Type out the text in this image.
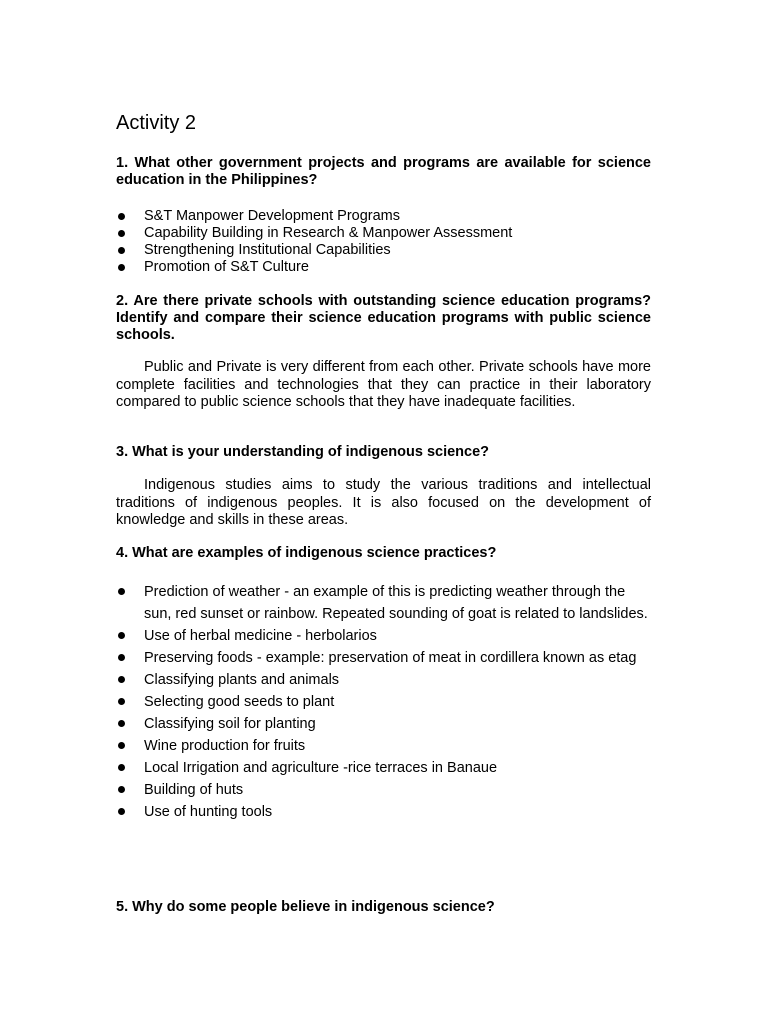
Activity 2

1. What other government projects and programs are available for science education in the Philippines?

S&T Manpower Development Programs
Capability Building in Research & Manpower Assessment
Strengthening Institutional Capabilities
Promotion of S&T Culture

2. Are there private schools with outstanding science education programs? Identify and compare their science education programs with public science schools.

Public and Private is very different from each other. Private schools have more complete facilities and technologies that they can practice in their laboratory compared to public science schools that they have inadequate facilities.

3. What is your understanding of indigenous science?

Indigenous studies aims to study the various traditions and intellectual traditions of indigenous peoples. It is also focused on the development of knowledge and skills in these areas.

4. What are examples of indigenous science practices?

Prediction of weather - an example of this is predicting weather through the sun, red sunset or rainbow. Repeated sounding of goat is related to landslides.
Use of herbal medicine - herbolarios
Preserving foods - example: preservation of meat in cordillera known as etag
Classifying plants and animals
Selecting good seeds to plant
Classifying soil for planting
Wine production for fruits
Local Irrigation and agriculture -rice terraces in Banaue
Building of huts
Use of hunting tools

5. Why do some people believe in indigenous science?
